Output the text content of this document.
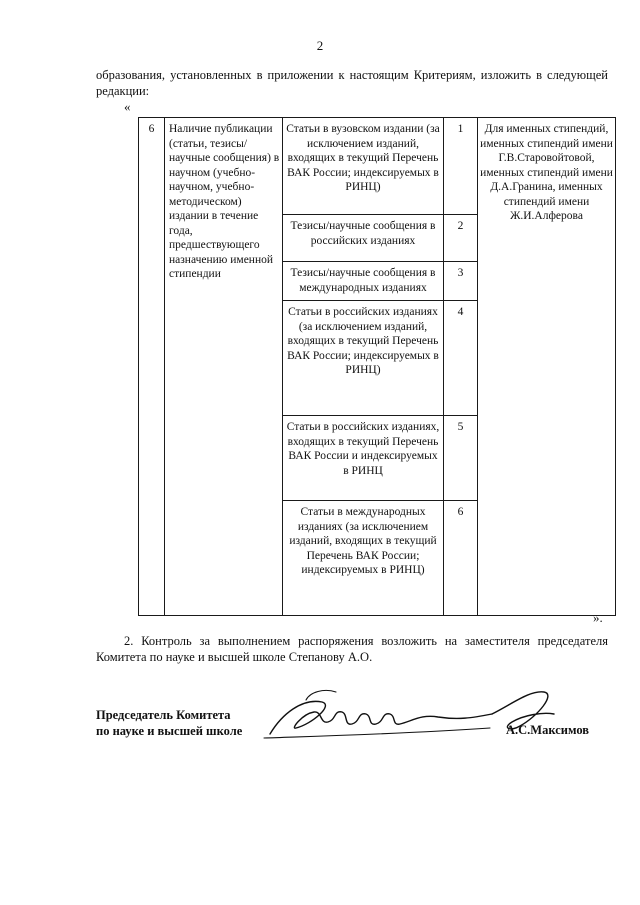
2
образования, установленных в приложении к настоящим Критериям, изложить в следующей редакции:
«
6	Наличие публикации (статьи, тезисы/научные сообщения) в научном (учебно-научном, учебно-методическом) издании в течение года, предшествующего назначению именной стипендии	Статьи в вузовском издании (за исключением изданий, входящих в текущий Перечень ВАК России; индексируемых в РИНЦ)	1	Для именных стипендий, именных стипендий имени Г.В.Старовойтовой, именных стипендий имени Д.А.Гранина, именных стипендий имени Ж.И.Алферова

		Тезисы/научные сообщения в российских изданиях	2	

		Тезисы/научные сообщения в международных изданиях	3	

		Статьи в российских изданиях (за исключением изданий, входящих в текущий Перечень ВАК России; индексируемых в РИНЦ)	4	

		Статьи в российских изданиях, входящих в текущий Перечень ВАК России и индексируемых в РИНЦ	5	

		Статьи в международных изданиях (за исключением изданий, входящих в текущий Перечень ВАК России; индексируемых в РИНЦ)	6	
».
2. Контроль за выполнением распоряжения возложить на заместителя председателя Комитета по науке и высшей школе Степанову А.О.
Председатель Комитета
по науке и высшей школе	А.С.Максимов
